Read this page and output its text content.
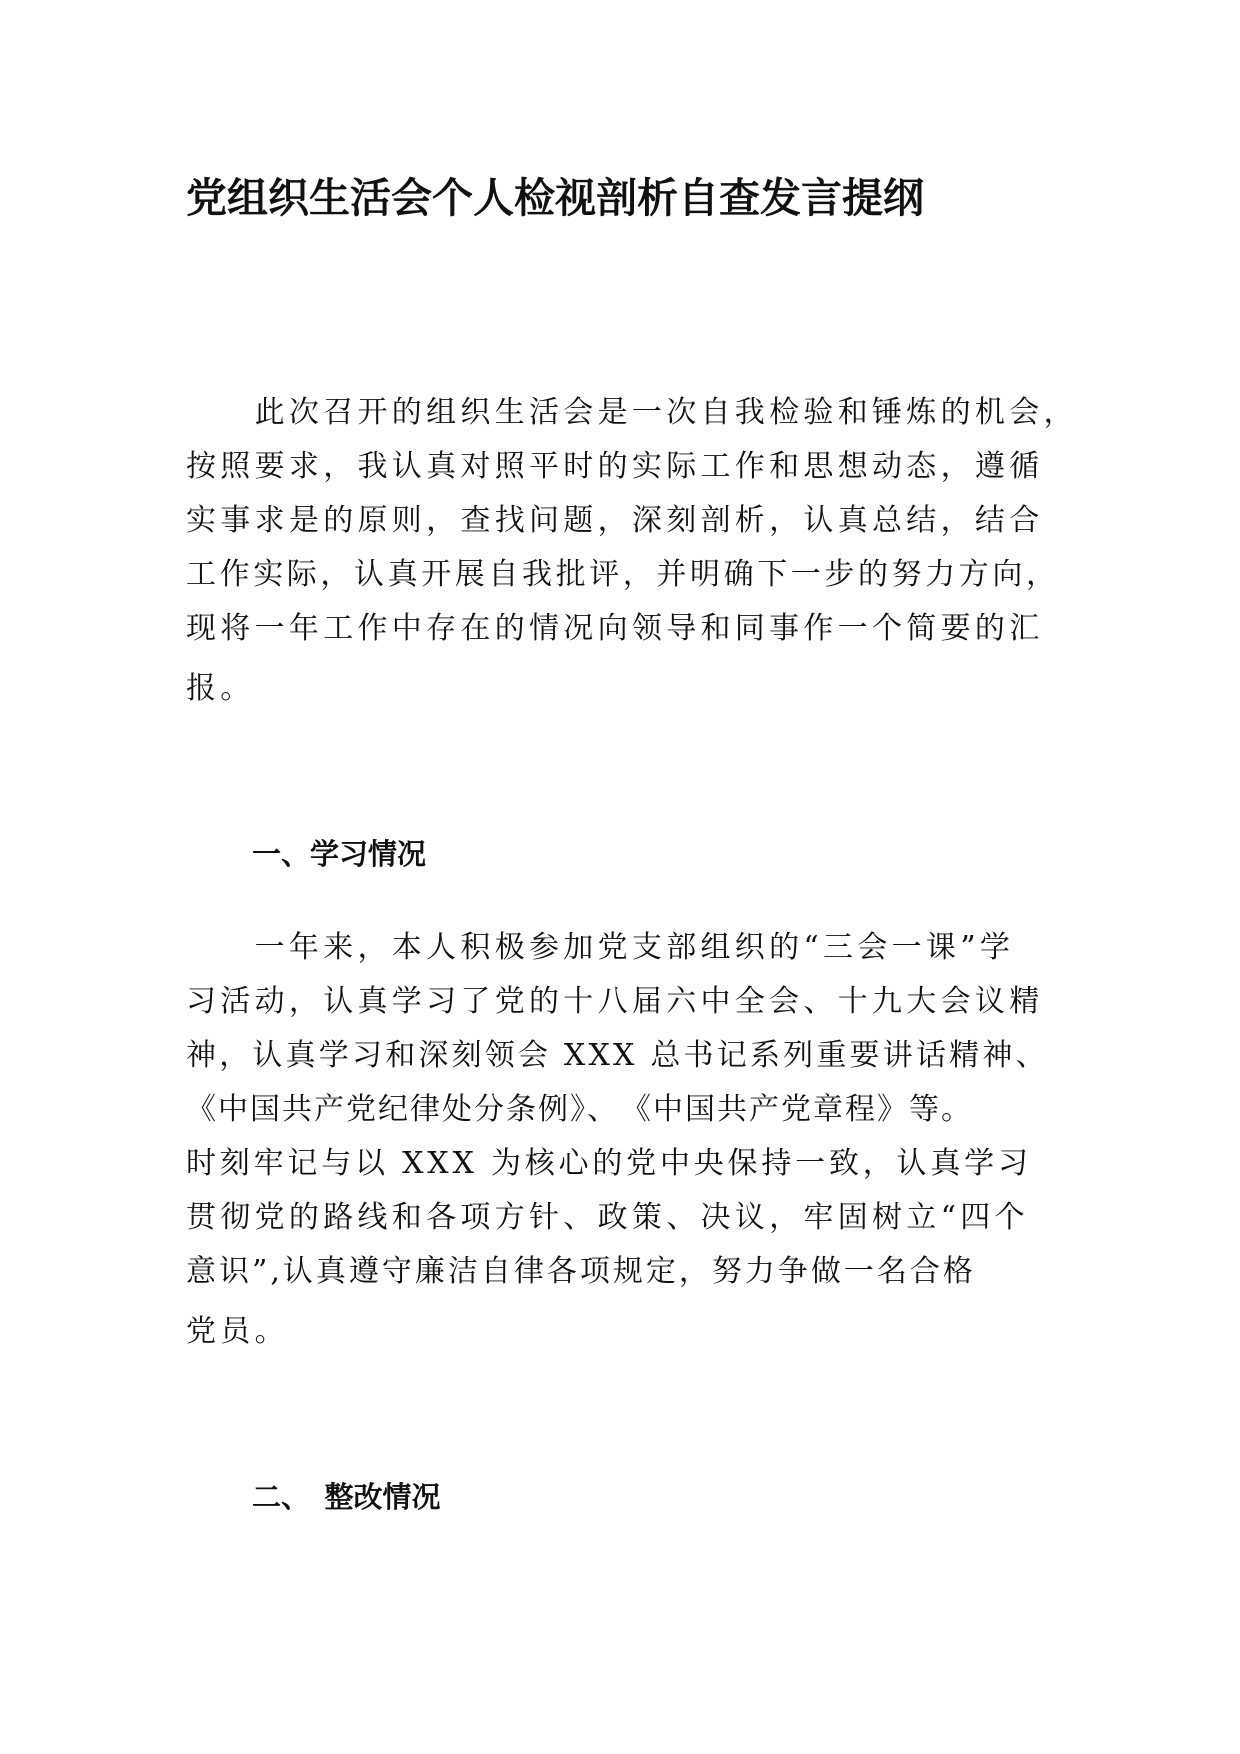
党组织生活会个人检视剖析自查发言提纲

　　此次召开的组织生活会是一次自我检验和锤炼的机会，

按照要求，我认真对照平时的实际工作和思想动态，遵循

实事求是的原则，查找问题，深刻剖析，认真总结，结合

工作实际，认真开展自我批评，并明确下一步的努力方向，

现将一年工作中存在的情况向领导和同事作一个简要的汇

报。

一、学习情况

　　一年来，本人积极参加党支部组织的“三会一课”学

习活动，认真学习了党的十八届六中全会、十九大会议精

神，认真学习和深刻领会 XXX 总书记系列重要讲话精神、

《中国共产党纪律处分条例》、　《中国共产党章程》等。

时刻牢记与以 XXX 为核心的党中央保持一致，认真学习

贯彻党的路线和各项方针、政策、决议，牢固树立“四个

意识”,认真遵守廉洁自律各项规定，努力争做一名合格

党员。

二、　整改情况
